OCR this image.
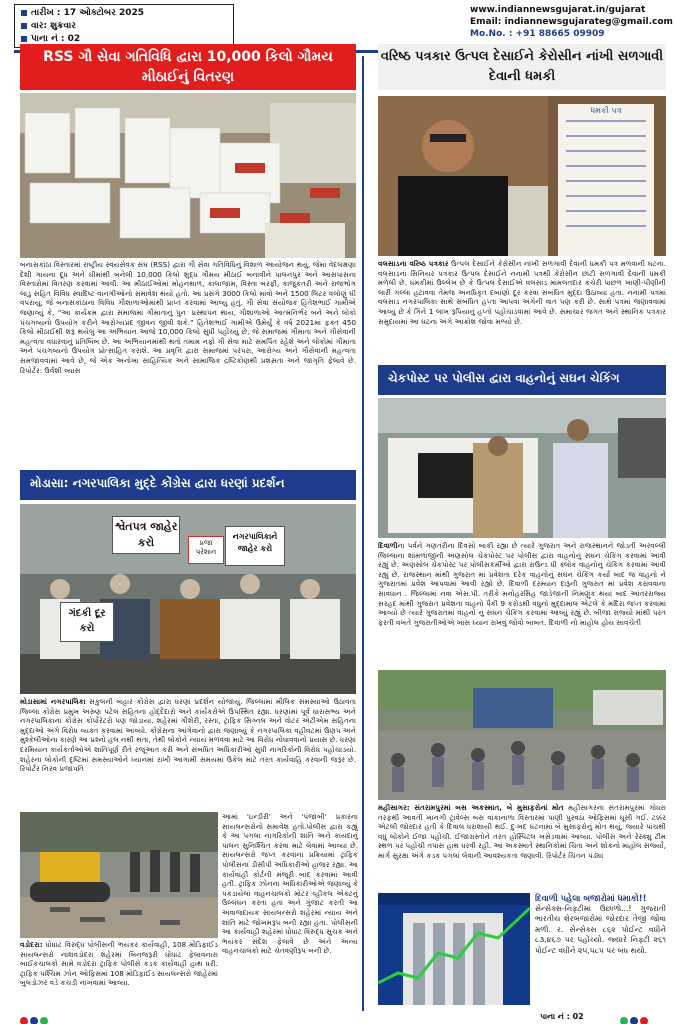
તારીખ : 17 ઓક્ટોબર 2025
વાર: શુક્રવાર
પાના નં : 02
www.indiannewsgujarat.in/gujarat
Email: indiannewsgujarateg@gmail.com
Mo.No. : +91 88665 09909
RSS ગૌ સેવા ગતિવિધિ દ્વારા 10,000 કિલો ગૌમય મીઠાઈનું વિતરણ
બનાસકાંઠા વિસ્તારમાં રાષ્ટ્રીય સ્વયંસેવક સંઘ (RSS) દ્વારા ગૌ સેવા ગતિવિધિનું વિશાળ આયોજન થયું, જેમાં વેદલક્ષણા દેશી ગાયના દૂધ અને ઘીમાંથી બનેલી 10,000 કિલો શુદ્ધ ગૌમય મીઠાઈ બનાવીને પાલનપુર અને આસપાસના વિસ્તારોમાં વિતરણ કરવામાં આવી. આ મીઠાઈઓમાં મોહનથાળ, કાલાજામ, વિસ્તા બરફી, કાજુકતરી અને રાજભોગ લાડુ સહિત વિવિધ સ્વાદિષ્ટ વાનગીઓનો સમાવેશ થયો હતો. આ પ્રસંગે 3000 કિલો માવો અને 1500 લિટર વલોણું ઘી વપરાયું, જે બનાસકાંઠાના વિવિધ ગૌશાળાઓમાંથી પ્રાપ્ત કરવામાં આવ્યું હતું. ગૌ સેવા સંયોજક હિતેશભાઈ ગામીએ જણાવ્યું કે, “આ કાર્યક્રમ દ્વારા સમાજમાં ગૌમાતાનું પુનઃ પ્રસ્થાપન થાય, ગૌશાળાઓ આત્મનિર્ભર બને અને લોકો પંચગવ્યનો ઉપયોગ કરીને આરોગ્યપ્રદ જીવન જીવી શકે.” હિતેશભાઈ ગામીએ ઉમેર્યું કે વર્ષ 2021માં ફક્ત 450 કિલો મીઠાઈથી શરૂ થયેલું આ અભિયાન આજે 10,000 કિલો સુધી પહોંચ્યું છે, જે સમાજમાં ગૌમાતા અને ગૌસેવાની મહત્વતા વધારવાનું પ્રતિબિંબ છે. આ અભિયાનમાંથી થતો તમામ નફો ગૌ સેવા માટે સમર્પિત રહેશે અને લોકોમાં ગૌમાતા અને પંચગવ્યનો ઉપયોગ પ્રોત્સાહિત કરાશે. આ પ્રવૃત્તિ દ્વારા સમાજમાં પરંપરા, આરોગ્ય અને ગૌસેવાની મહત્વતા સમજાવવામાં આવે છે, જે એક અનોખા સાહિત્યિક અને સામાજિક દ્રષ્ટિકોણથી પ્રશંસતા અને જાગૃતિ ફેલાવે છે. રિપોર્ટર: ઉર્વશી વ્યાસ
મોડાસા: નગરપાલિકા મુદ્દે કોંગ્રેસ દ્વારા ધરણાં પ્રદર્શન
શ્વેતપત્ર જાહેર કરો	નગરપાલિકાને જાહેર કરો
પ્રજા પરેશાન
ગંદકી દૂર કરો
મોડાસામાં નગરપાલિકા સંકુલની બહાર કોંગ્રેસ દ્વારા ધરણાં પ્રદર્શન યોજાયું. જિલ્લામાં મૌલિક સમસ્યાઓ ઉઠાવતા જિલ્લા કોંગ્રેસ પ્રમુખ અરુણ પટેલ સહિતના હોદ્દેદારો અને કાર્યકરોએ ઉપસ્થિત રહ્યા. ધરણાંમાં પૂર્વ ધારાસભ્ય અને નગરપાલિકાના કોંગ્રેસ કોર્પોરેટરો પણ જોડાયા. શહેરમાં ગૌશેરી, રસ્તા, ટ્રાફિક સિગ્નલ અને વોટર એટીએમ સહિતના મુદ્દાઓ અંગે વિરોધ વ્યક્ત કરવામાં આવ્યો. કોંગ્રેસના આગેવાનો દ્વારા જણાવ્યું કે નગરપાલિકા વહીવટમાં ઉણપ અને મુશ્કેલીઓના કારણે આ પ્રશ્નો હલ નથી થતા, તેથી લોકોને ન્યાય મળવવા માટે આ વિરોધ નોંધાવવાનો પ્રયાસ છે. ધરણાં દરમિયાન કાર્યકર્તાઓએ શાંતિપૂર્ણ રીતે રજૂઆત કરી અને સંબંધિત અધિકારીઓ સુધી નાગરિકોની વિરોધ પહોંચાડયો. શહેરના લોકોની દૃષ્ટિમાં સમસ્યાઓને ધ્યાનમાં રાખી આગામી સમયમાં ઉકેલ માટે તરત કાર્યવાહિ કરવાની જરૂર છે. રિપોર્ટર નિરવ પ્રજાપતિ
આમાં 'ઇન્ડીરી' અને 'પંજાબી' પ્રકારના સાયલન્સરોનો સમાવેશ હતો.પોલીસ દ્વારા કહ્યું કે આ પગલા નાગરિકોની શાંતિ અને કાયદાનું પાલન સુનિશ્ચિત કરવા માટે લેવામાં આવ્યા છે. સાયલન્સરો જપ્ત કરવાના પ્રક્રિયામાં ટ્રાફિક પોલીસના ડીસીપી અધિકારીઓ હાજર રહ્યા. આ કાર્યવાહી કોર્ટની મંજૂરી બાદ કરવામાં આવી હતી. ટ્રાફિક ઝોનના અધિકારીઓએ જણાવ્યું કે પકડાયેલા વાહનચાલકો મોટર વ્હીકલ એક્ટનું ઉલ્લંઘન કરતા હતા અને ગુંજાટ કરતી આ અવાજદાયક સાયલન્સરો શહેરમાં ન્યાય અને શાંતિ માટે જોખમરૂપ બની રહ્યા હતા. પોલીસની આ કાર્યવાહી શહેરમાં ધોધાટ વિરુદ્ધ સુચક અને ભયંકર સંદેશ ફેલાવે છે અને અન્ય વાહનચાલકો માટે ચેતવણીરૂપ બની છે.
વડોદરા: ધોધાટ વિરુદ્ધ પોલીસની ભયંકર કાર્યવાહી, 108 મોડિફાઈડ સાયલન્સરો નાશવડોદરા શહેરમાં બિનજરૂરી ધોંધાટ ફેલાવનારા બાઈકચાલકો સામે વડોદરા ટ્રાફિક પોલીસે કડક કાર્યવાહી હાથ ધરી. ટ્રાફિક પશ્ચિમ ઝોન ઓફિસમાં 108 મોડિફાઈડ સાયલન્સરો જાહેરમાં બુલડોઝર વડે કચડી નાખવામાં આવ્યા.
વરિષ્ઠ પત્રકાર ઉત્પલ દેસાઈને કેરોસીન નાંખી સળગાવી દેવાની ધમકી
ધમકી પત્ર
વલસાડના વરિષ્ઠ પત્રકાર ઉત્પલ દેસાઈને કેરોસીન નાંખી સળગાવી દેવાની ધમકી પત્ર મળવાની ઘટના. વલસાડના સિનિયર પત્રકાર ઉત્પલ દેસાઈને નનામી પત્રથી કેરોસીન છાંટી સળગાવી દેવાની ધમકી મળેલી છે. ધમકીમાં ઉલ્લેખ છે કે ઉત્પલ દેસાઈએ વલસાડ મામલતદાર કચેરી પાછળ ખાણી-પીણીની લારી ગલ્લા હટાવવા તેમજ અનધિકૃત દબાણો દૂર કરવા સંબંધિત મુદ્દા ઉઠાવ્યા હતા. નનામી પત્રમાં વલસાડ નગરપાલિકા સાથે સંબંધિત હપ્તા આપવા અંગેની વાત પણ કરી છે. સાથે પત્રમાં જણાવવામાં આવ્યું છે કે ગિને 1 લાખ રૂપિયાનું હપ્તો પહોંચાડવામાં આવે છે. સમાચાર જગત અને સ્થાનિક પત્રકાર સમુદાયમાં આ ઘટના અંગે આક્રોશ જોવા મળ્યો છે.
ચેકપોસ્ટ પર પોલીસ દ્વારા વાહનોનું સઘન ચેકિંગ
દિવાળીના પર્વને ગણતરીના દિવસો બાકી રહ્યા છે ત્યારે ગુજરાત અને રાજસ્થાનને જોડતી અરવલ્લી જિલ્લાના શામળાજીની અણસોલ ચેકપોસ્ટ પર પોલીસ દ્વારા વાહનોનું સઘન ચેકિંગ કરવામાં આવી રહ્યું છે. અણસોલ ચેકપોસ્ટ પર પોલીસકર્મીઓ દ્વારા રાઉન્ડ ધી ક્લોક વાહનોનું ચેકિંગ કરવામાં આવી રહ્યું છે. રાજસ્થાન માંથી ગુજરાત માં પ્રવેશતા દરેક વાહનોનું સઘન ચેકિંગ કર્યા બાદ જ વાહનો ને ગુજરાતમાં પ્રવેશ આપવામાં આવી રહ્યો છે. દિવાળી દરમ્યાન દારૂની ગુજરાત માં પ્રવેશ કરાવવાના સાવધાન . જિલ્લામાં નવા એસ.પી. તરીકે મનોહરસિંહ જાડેજાની નિમણુંક થયા બાદ આંતરરાજ્ય સરહદ માંથી ગુજરાત પ્રવેશતા વાહનો પૈકી 9 કરોડથી વધુનો મુદ્દામાલ એટલે કે મદિરા જપ્ત કરવામાં આવ્યો છે ત્યારે ગુજરાતમાં વાહનો નું સઘન ચેકિંગ કરવામાં આવ્યું રહ્યું છે. બીજા રાજ્યો માંથી પરત ફરતી વખતે ગુજરાતીઓએ ખાસ ધ્યાન રાખવું જોવો બાબત. દિવાળી નો માહોલ હોય સાવચેતી
મહીસાગર: સંતરામપુરમાં બસ અકસ્માત, બે મુસાફરોનાં મોત મહીસાગરના સંતરામપુરમાં ગોધરા તરફથી આવતી ખાનગી ટ્રાવેલ્સ બસ વાંકાનાળા વિસ્તારમાં પાણી પુરવઠા ઓફિસમાં ઘૂસી ગઈ. ટક્કર એટલી જોરદાર હતી કે દિવાલ ધરાશાયી થઈ. દુઃખદ ઘટનામાં બે મુસાફરોનું મોત થયું, જ્યારે પાંચથી વધુ લોકોને ઈજા પહોંચી. ઈજાગ્રસ્તોને તરત હોસ્પિટલ ખસેડવામાં આવ્યા. પોલીસ અને રેસ્ક્યુ ટીમ સ્થળ પર પહોંચી તપાસ હાથ ધરવી રહી. આ અકસ્માતે સ્થાનિકોમાં ચિંતા અને શોકનો માહોલ સર્જ્યો, માર્ગ સુરક્ષા અંગે કડક પગલાં લેવાની આવશ્યકતા જણાવી. રિપોર્ટર ચિંતન પંડ્યા
દિવાળી પહેલા બજારોમાં ધમાકો!!
સેન્સેક્સ-નિફ્ટીમાં ઉછાળો...! ગુજરાતી ભારતીય શેરબજારોમાં જોરદાર તેજી જોવા મળી. ર. સેન્સેક્સ ૮૬૨ પોઈન્ટ વધીને ૮૩,૪૬૭ પર પહોંચ્યો. જ્યારે નિફ્ટી ૨૬૧ પોઈન્ટ વધીને ૨૫,૫૮૫ પર બંધ થયો.
પાના નં : 02
